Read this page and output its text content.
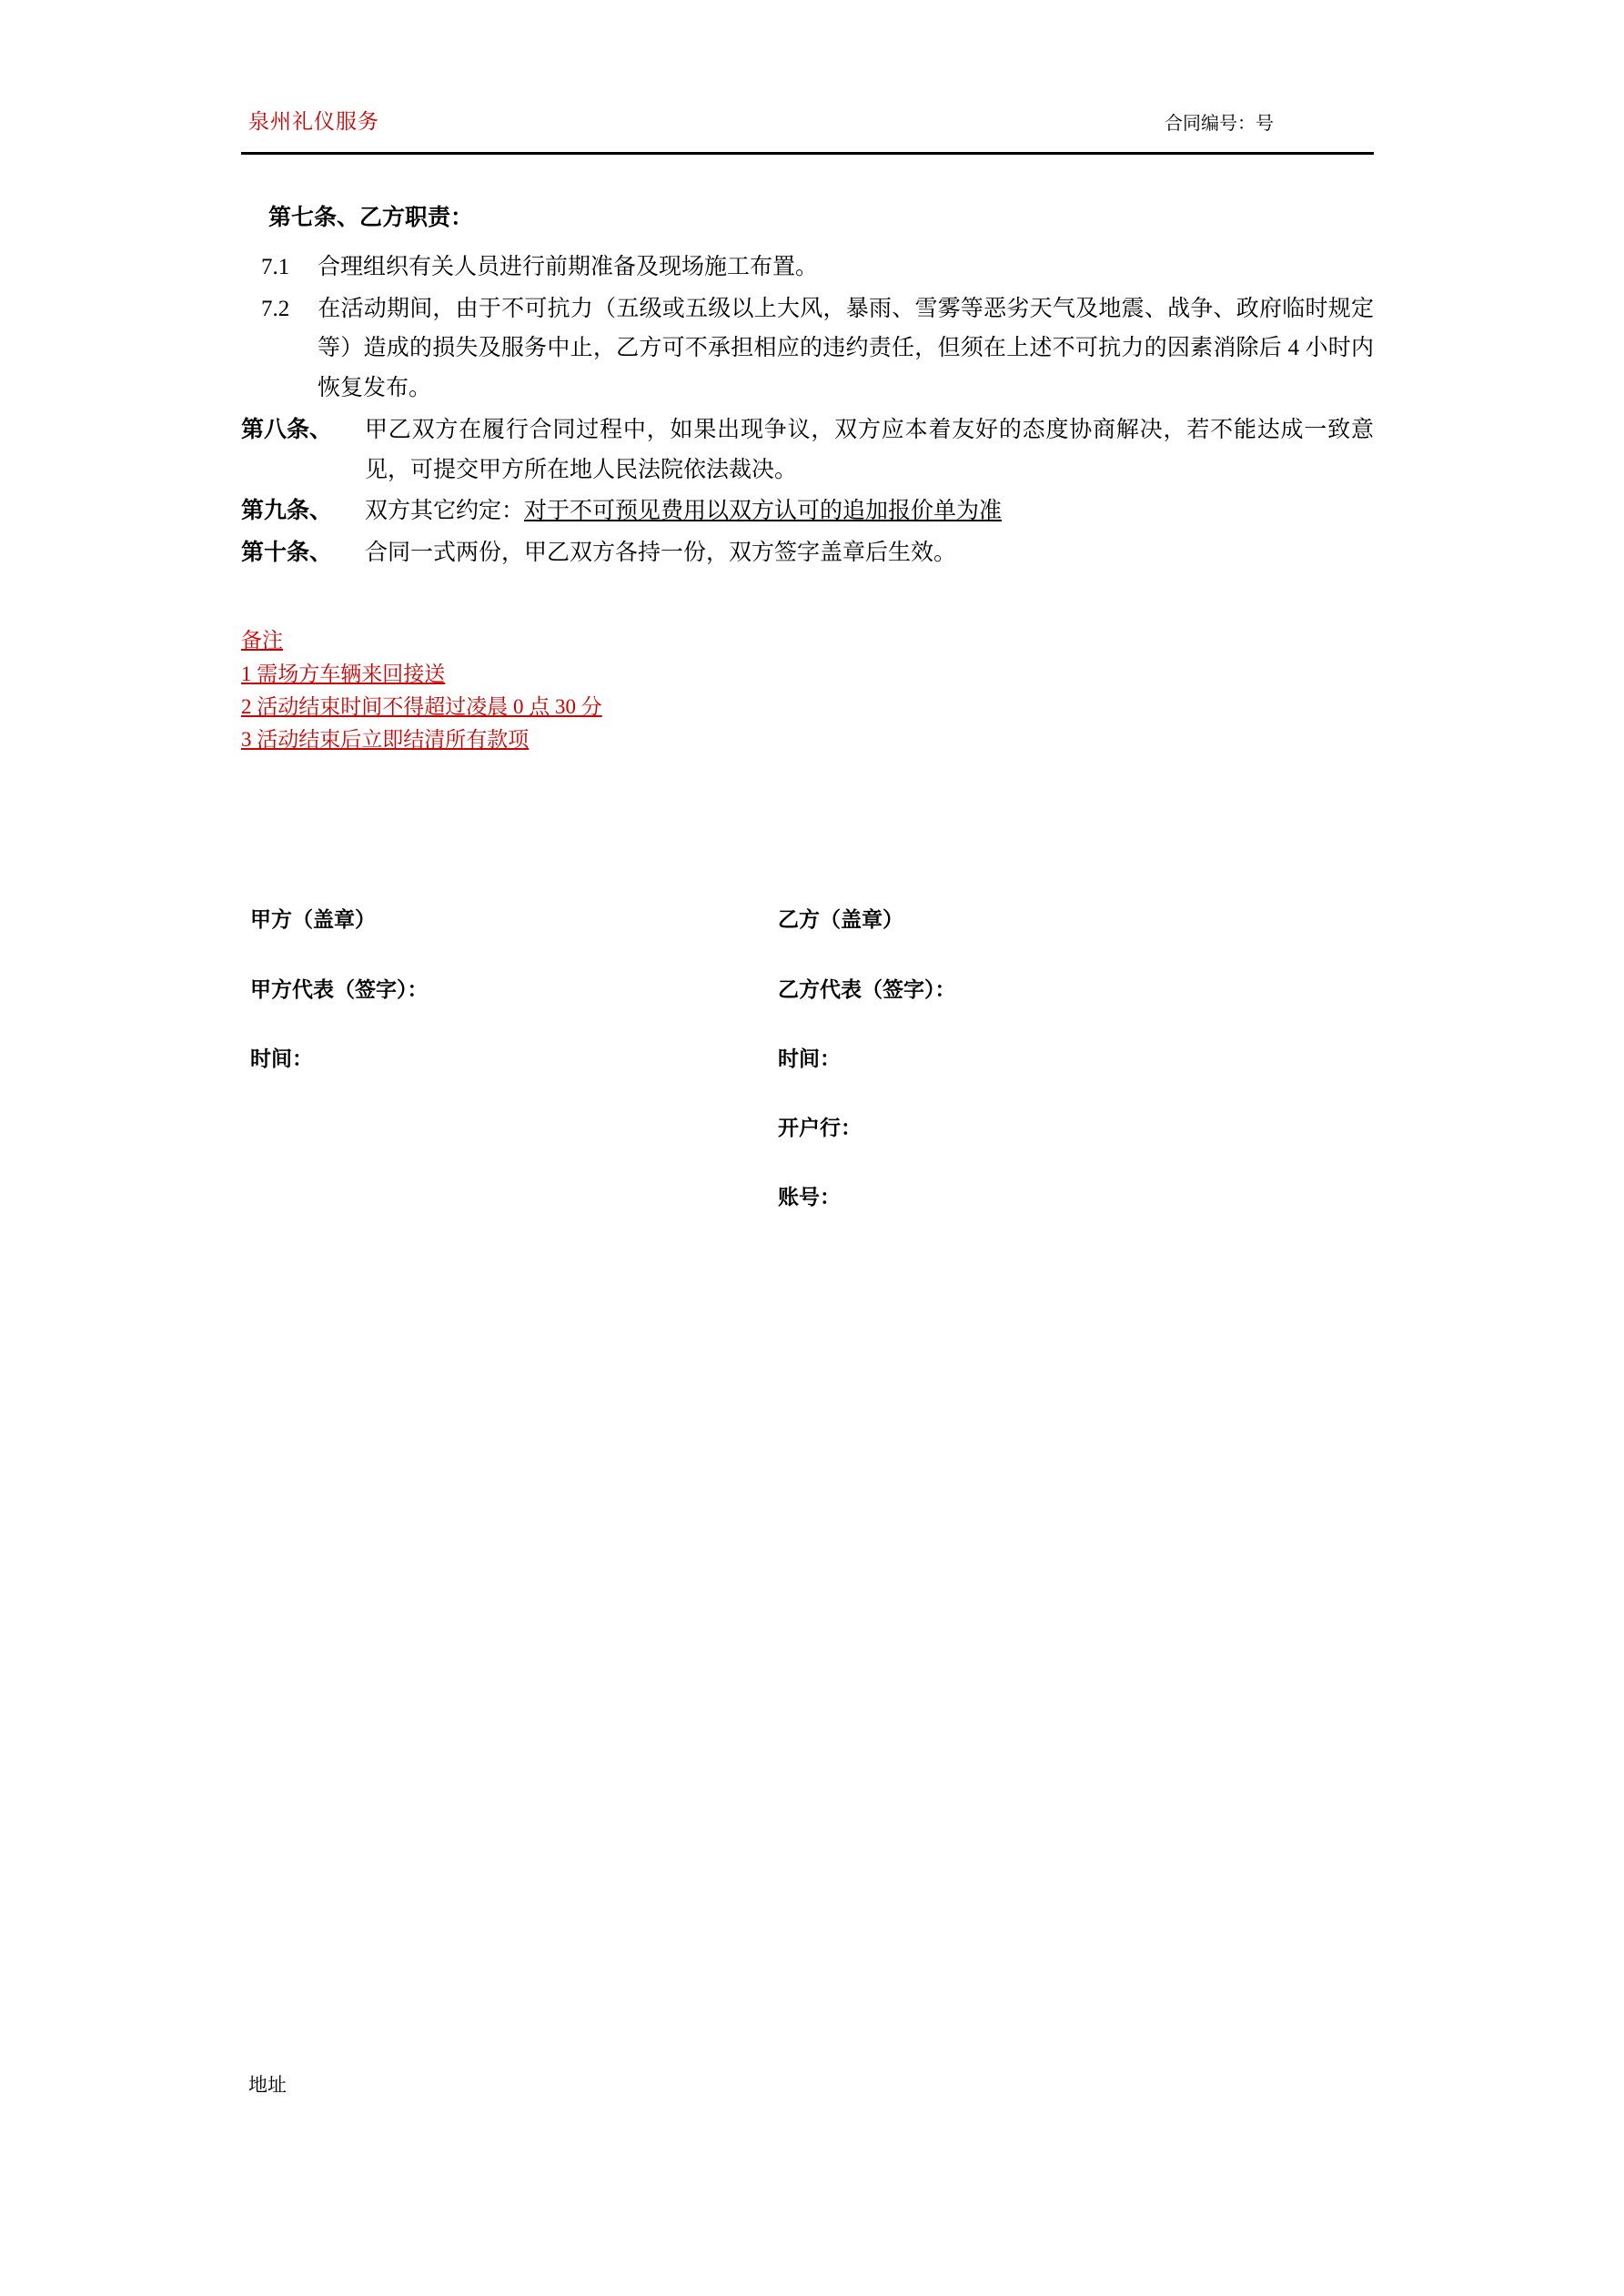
泉州礼仪服务	合同编号：号
第七条、乙方职责：
7.1 合理组织有关人员进行前期准备及现场施工布置。
7.2 在活动期间，由于不可抗力（五级或五级以上大风，暴雨、雪雾等恶劣天气及地震、战争、政府临时规定等）造成的损失及服务中止，乙方可不承担相应的违约责任，但须在上述不可抗力的因素消除后 4 小时内恢复发布。
第八条、	甲乙双方在履行合同过程中，如果出现争议，双方应本着友好的态度协商解决，若不能达成一致意见，可提交甲方所在地人民法院依法裁决。
第九条、	双方其它约定：对于不可预见费用以双方认可的追加报价单为准
第十条、	合同一式两份，甲乙双方各持一份，双方签字盖章后生效。
备注
1 需场方车辆来回接送
2 活动结束时间不得超过凌晨 0 点 30 分
3 活动结束后立即结清所有款项
甲方（盖章）
甲方代表（签字）：
时间：
乙方（盖章）
乙方代表（签字）：
时间：
开户行：
账号：
地址
